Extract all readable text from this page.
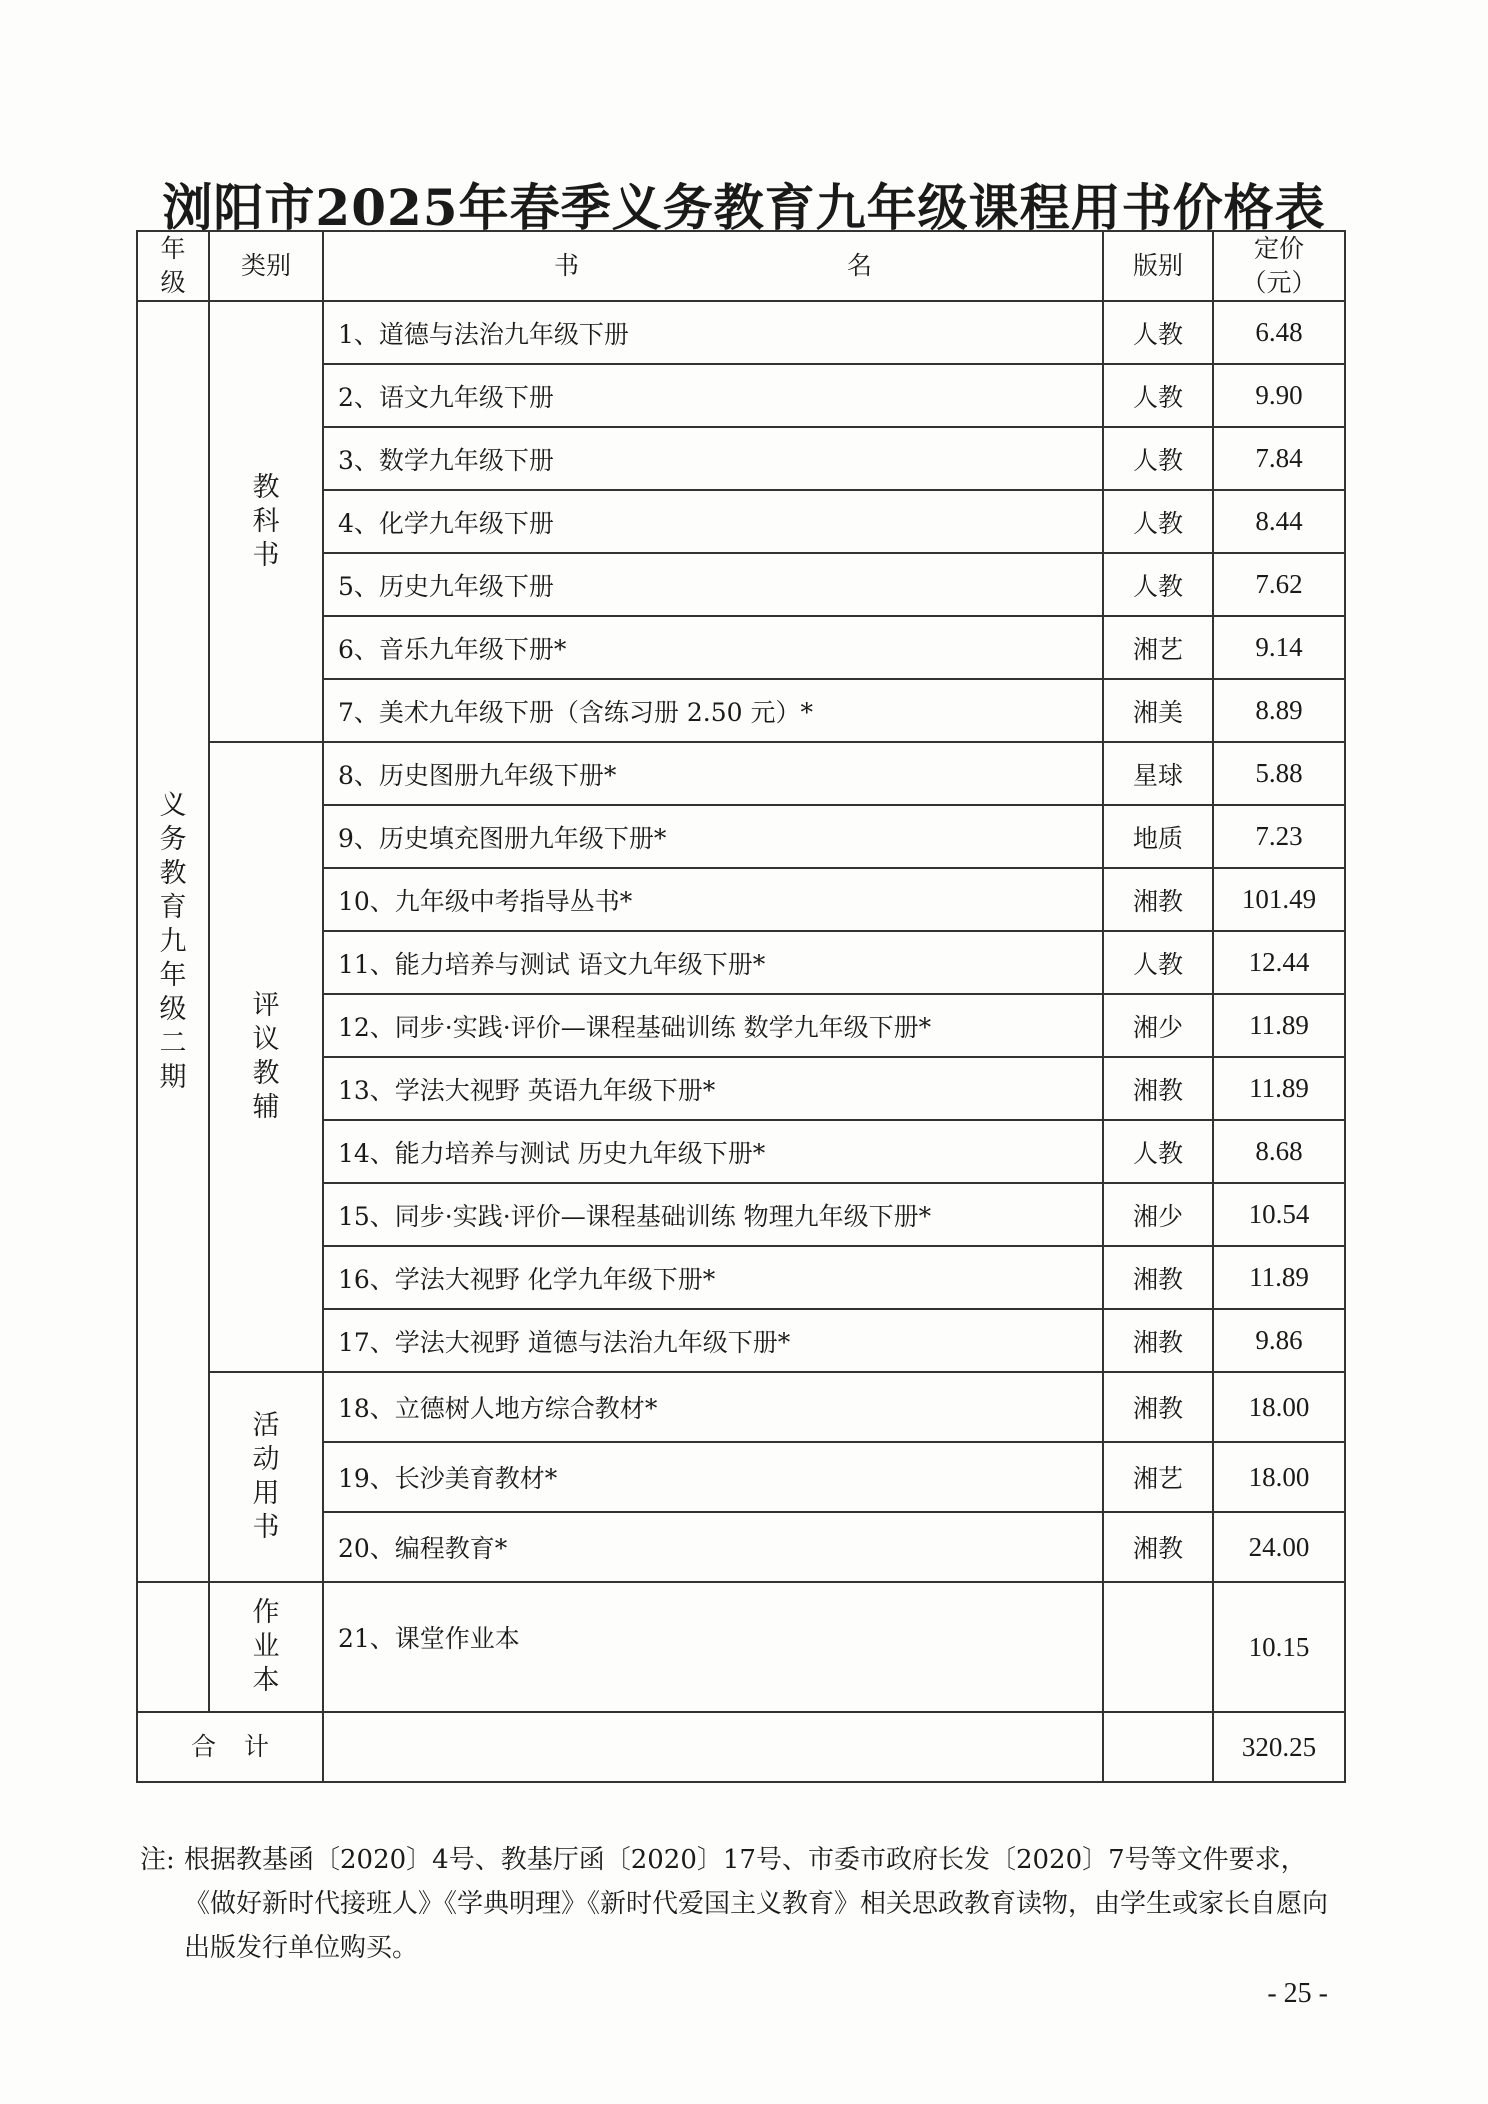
浏阳市2025年春季义务教育九年级课程用书价格表
年级	类别	书 名	版别	定价（元）
义务教育九年级二期	教科书	1、道德与法治九年级下册	人教	6.48
		2、语文九年级下册	人教	9.90
		3、数学九年级下册	人教	7.84
		4、化学九年级下册	人教	8.44
		5、历史九年级下册	人教	7.62
		6、音乐九年级下册*	湘艺	9.14
		7、美术九年级下册（含练习册 2.50 元）*	湘美	8.89
	评议教辅	8、历史图册九年级下册*	星球	5.88
		9、历史填充图册九年级下册*	地质	7.23
		10、九年级中考指导丛书*	湘教	101.49
		11、能力培养与测试 语文九年级下册*	人教	12.44
		12、同步·实践·评价—课程基础训练 数学九年级下册*	湘少	11.89
		13、学法大视野 英语九年级下册*	湘教	11.89
		14、能力培养与测试 历史九年级下册*	人教	8.68
		15、同步·实践·评价—课程基础训练 物理九年级下册*	湘少	10.54
		16、学法大视野 化学九年级下册*	湘教	11.89
		17、学法大视野 道德与法治九年级下册*	湘教	9.86
	活动用书	18、立德树人地方综合教材*	湘教	18.00
		19、长沙美育教材*	湘艺	18.00
		20、编程教育*	湘教	24.00
	作业本	21、课堂作业本		10.15
合 计				320.25
注: 根据教基函〔2020〕4号、教基厅函〔2020〕17号、市委市政府长发〔2020〕7号等文件要求，《做好新时代接班人》《学典明理》《新时代爱国主义教育》相关思政教育读物，由学生或家长自愿向出版发行单位购买。
- 25 -
